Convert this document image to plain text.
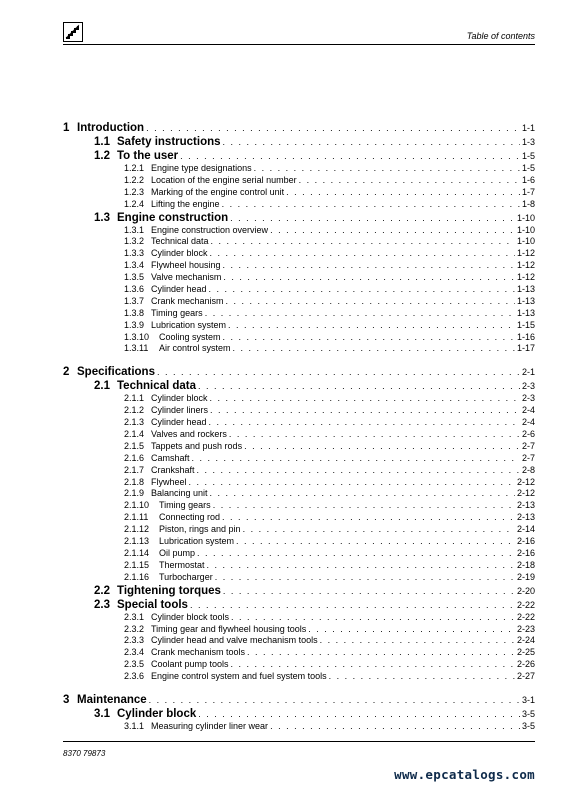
Table of contents
1 Introduction . . .	1-1
1.1 Safety instructions . . .	1-3
1.2 To the user . . .	1-5
1.2.1 Engine type designations . . .	1-5
1.2.2 Location of the engine serial number . . .	1-6
1.2.3 Marking of the engine control unit . . .	1-7
1.2.4 Lifting the engine . . .	1-8
1.3 Engine construction . . .	1-10
1.3.1 Engine construction overview . . .	1-10
1.3.2 Technical data . . .	1-10
1.3.3 Cylinder block . . .	1-12
1.3.4 Flywheel housing . . .	1-12
1.3.5 Valve mechanism . . .	1-12
1.3.6 Cylinder head . . .	1-13
1.3.7 Crank mechanism . . .	1-13
1.3.8 Timing gears . . .	1-13
1.3.9 Lubrication system . . .	1-15
1.3.10	Cooling system . . .	1-16
1.3.11	Air control system . . .	1-17
2 Specifications . . .	2-1
2.1 Technical data . . .	2-3
2.1.1 Cylinder block . . .	2-3
2.1.2 Cylinder liners . . .	2-4
2.1.3 Cylinder head . . .	2-4
2.1.4 Valves and rockers . . .	2-6
2.1.5 Tappets and push rods . . .	2-7
2.1.6 Camshaft . . .	2-7
2.1.7 Crankshaft . . .	2-8
2.1.8 Flywheel . . .	2-12
2.1.9 Balancing unit . . .	2-12
2.1.10	Timing gears . . .	2-13
2.1.11	Connecting rod . . .	2-13
2.1.12	Piston, rings and pin . . .	2-14
2.1.13	Lubrication system . . .	2-16
2.1.14	Oil pump . . .	2-16
2.1.15	Thermostat . . .	2-18
2.1.16	Turbocharger . . .	2-19
2.2 Tightening torques . . .	2-20
2.3 Special tools . . .	2-22
2.3.1 Cylinder block tools . . .	2-22
2.3.2 Timing gear and flywheel housing tools . . .	2-23
2.3.3 Cylinder head and valve mechanism tools . . .	2-24
2.3.4 Crank mechanism tools . . .	2-25
2.3.5 Coolant pump tools . . .	2-26
2.3.6 Engine control system and fuel system tools . . .	2-27
3 Maintenance . . .	3-1
3.1 Cylinder block . . .	3-5
3.1.1 Measuring cylinder liner wear . . .	3-5
8370 79873
www.epcatalogs.com
